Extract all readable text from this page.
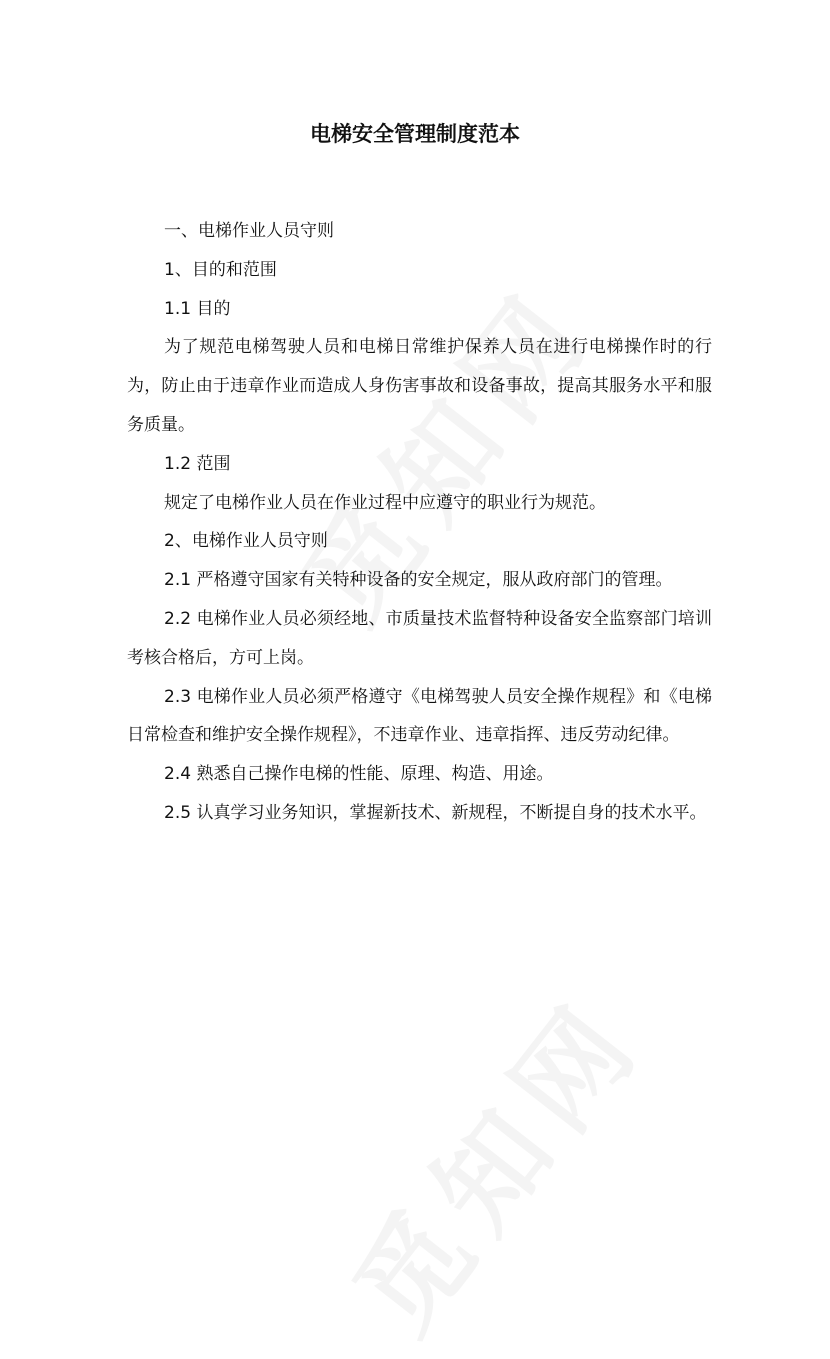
电梯安全管理制度范本

一、电梯作业人员守则

1、目的和范围

1.1 目的

为了规范电梯驾驶人员和电梯日常维护保养人员在进行电梯操作时的行为，防止由于违章作业而造成人身伤害事故和设备事故，提高其服务水平和服务质量。

1.2 范围

规定了电梯作业人员在作业过程中应遵守的职业行为规范。

2、电梯作业人员守则

2.1 严格遵守国家有关特种设备的安全规定，服从政府部门的管理。

2.2 电梯作业人员必须经地、市质量技术监督特种设备安全监察部门培训考核合格后，方可上岗。

2.3 电梯作业人员必须严格遵守《电梯驾驶人员安全操作规程》和《电梯日常检查和维护安全操作规程》，不违章作业、违章指挥、违反劳动纪律。

2.4 熟悉自己操作电梯的性能、原理、构造、用途。

2.5 认真学习业务知识，掌握新技术、新规程，不断提自身的技术水平。
